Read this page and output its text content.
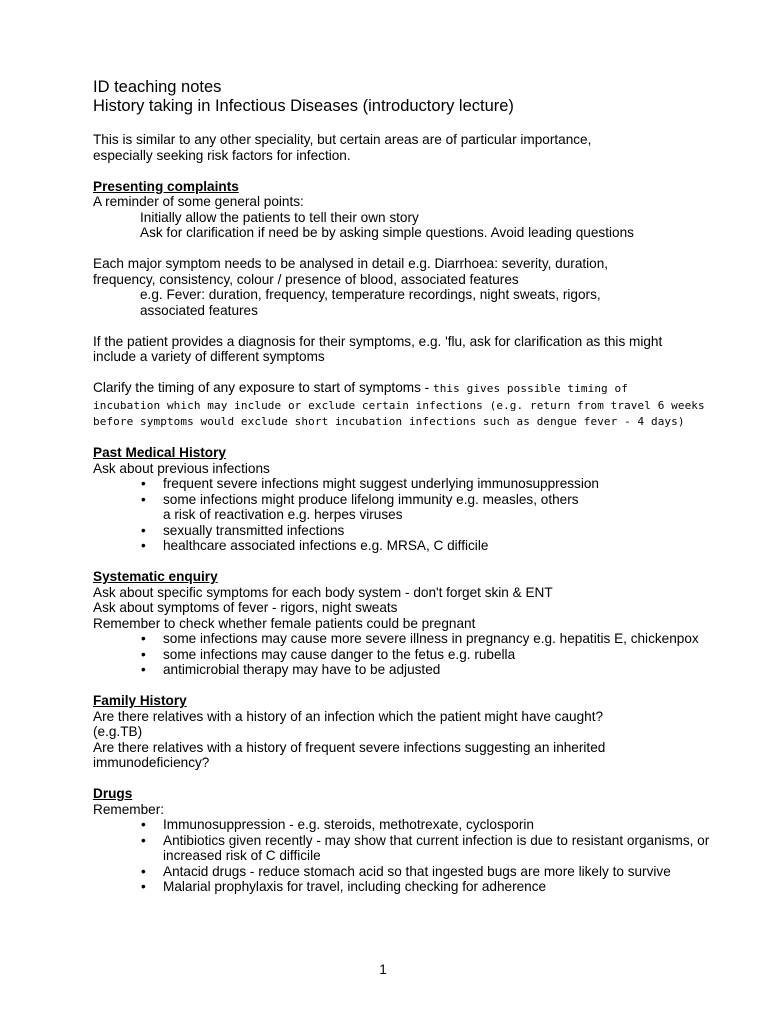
ID teaching notes
History taking in Infectious Diseases (introductory lecture)
This is similar to any other speciality, but certain areas are of particular importance, especially seeking risk factors for infection.
Presenting complaints
A reminder of some general points:
Initially allow the patients to tell their own story
Ask for clarification if need be by asking simple questions. Avoid leading questions
Each major symptom needs to be analysed in detail e.g. Diarrhoea: severity, duration, frequency, consistency, colour / presence of blood, associated features
e.g. Fever: duration, frequency, temperature recordings, night sweats, rigors, associated features
If the patient provides a diagnosis for their symptoms, e.g. 'flu, ask for clarification as this might include a variety of different symptoms
Clarify the timing of any exposure to start of symptoms - this gives possible timing of
incubation which may include or exclude certain infections (e.g. return from travel 6 weeks
before symptoms would exclude short incubation infections such as dengue fever - 4 days)
Past Medical History
Ask about previous infections
• frequent severe infections might suggest underlying immunosuppression
• some infections might produce lifelong immunity e.g. measles, others a risk of reactivation e.g. herpes viruses
• sexually transmitted infections
• healthcare associated infections e.g. MRSA, C difficile
Systematic enquiry
Ask about specific symptoms for each body system - don't forget skin & ENT
Ask about symptoms of fever - rigors, night sweats
Remember to check whether female patients could be pregnant
• some infections may cause more severe illness in pregnancy e.g. hepatitis E, chickenpox
• some infections may cause danger to the fetus e.g. rubella
• antimicrobial therapy may have to be adjusted
Family History
Are there relatives with a history of an infection which the patient might have caught? (e.g.TB)
Are there relatives with a history of frequent severe infections suggesting an inherited immunodeficiency?
Drugs
Remember:
• Immunosuppression - e.g. steroids, methotrexate, cyclosporin
• Antibiotics given recently - may show that current infection is due to resistant organisms, or increased risk of C difficile
• Antacid drugs - reduce stomach acid so that ingested bugs are more likely to survive
• Malarial prophylaxis for travel, including checking for adherence
1
